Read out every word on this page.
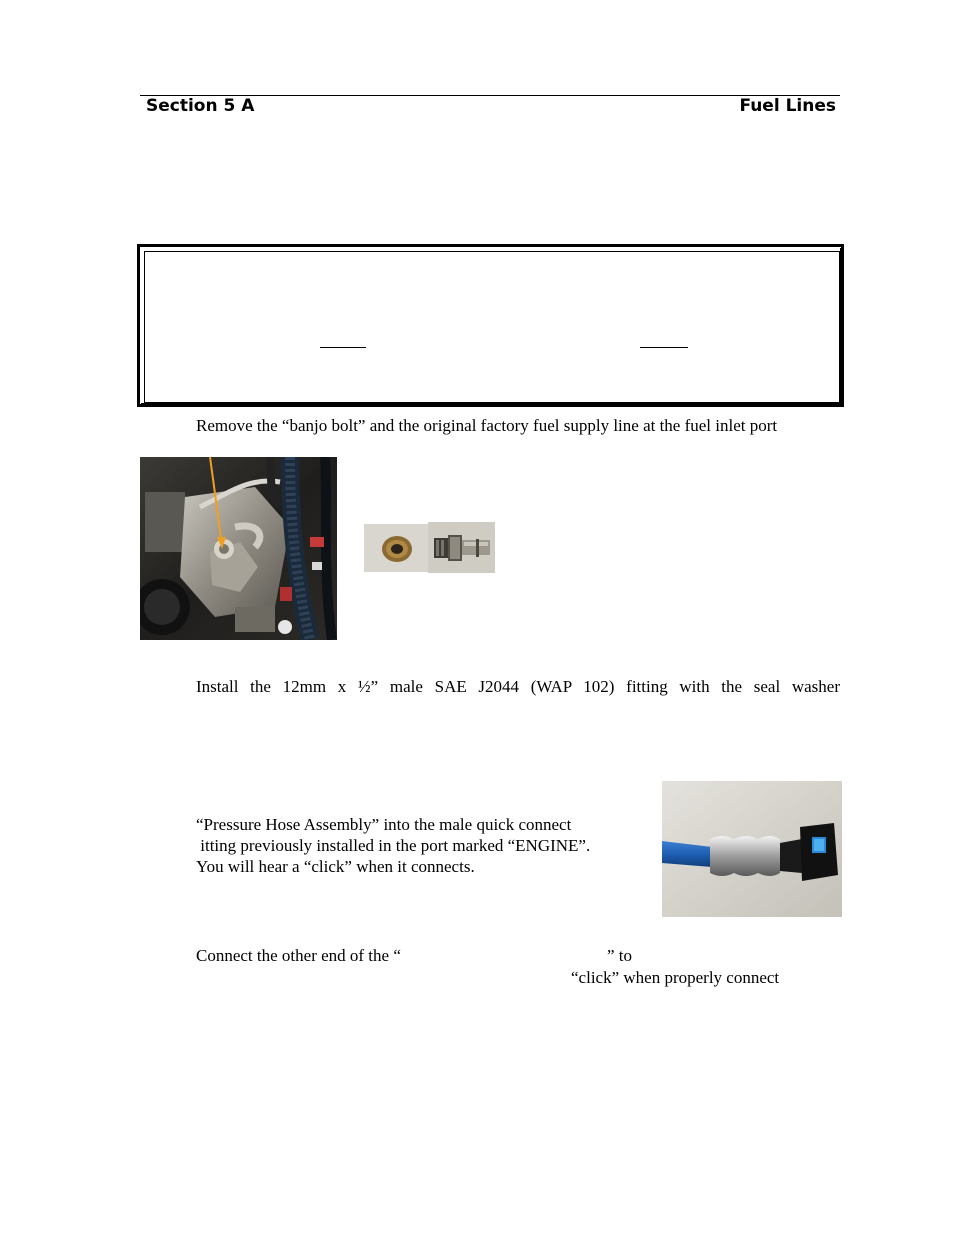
Section 5 A	Fuel Lines
Remove the “banjo bolt” and the original factory fuel supply line at the fuel inlet port
Install the 12mm x ½” male SAE J2044 (WAP 102) fitting with the seal washer
“Pressure Hose Assembly” into the male quick connect
itting previously installed in the port marked “ENGINE”.
You will hear a “click” when it connects.
Connect the other end of the “	” to
“click” when properly connect
